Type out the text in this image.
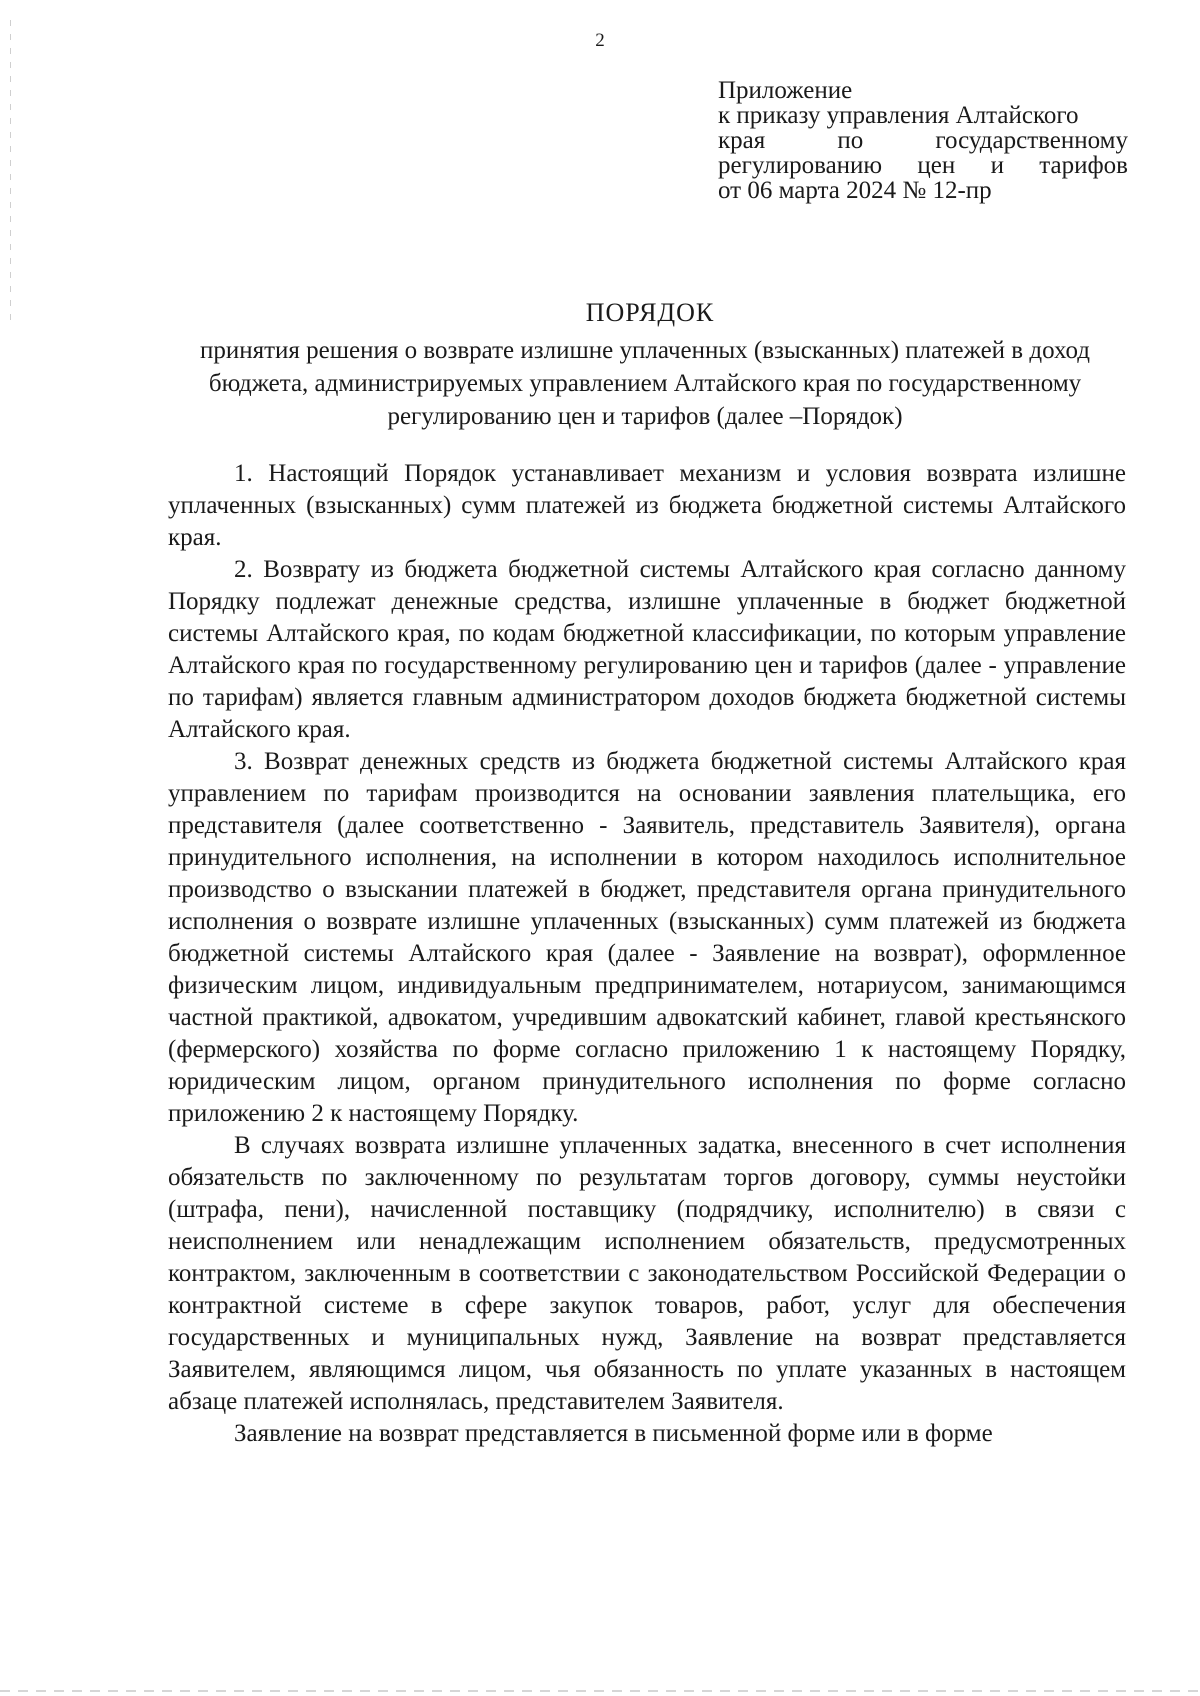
2
Приложение
к приказу управления Алтайского
края по государственному
регулированию цен и тарифов
от 06 марта 2024 № 12-пр
ПОРЯДОК
принятия решения о возврате излишне уплаченных (взысканных) платежей в доход бюджета, администрируемых управлением Алтайского края по государственному регулированию цен и тарифов (далее –Порядок)

1. Настоящий Порядок устанавливает механизм и условия возврата излишне уплаченных (взысканных) сумм платежей из бюджета бюджетной системы Алтайского края.

2. Возврату из бюджета бюджетной системы Алтайского края согласно данному Порядку подлежат денежные средства, излишне уплаченные в бюджет бюджетной системы Алтайского края, по кодам бюджетной классификации, по которым управление Алтайского края по государственному регулированию цен и тарифов (далее - управление по тарифам) является главным администратором доходов бюджета бюджетной системы Алтайского края.

3. Возврат денежных средств из бюджета бюджетной системы Алтайского края управлением по тарифам производится на основании заявления плательщика, его представителя (далее соответственно - Заявитель, представитель Заявителя), органа принудительного исполнения, на исполнении в котором находилось исполнительное производство о взыскании платежей в бюджет, представителя органа принудительного исполнения о возврате излишне уплаченных (взысканных) сумм платежей из бюджета бюджетной системы Алтайского края (далее - Заявление на возврат), оформленное физическим лицом, индивидуальным предпринимателем, нотариусом, занимающимся частной практикой, адвокатом, учредившим адвокатский кабинет, главой крестьянского (фермерского) хозяйства по форме согласно приложению 1 к настоящему Порядку, юридическим лицом, органом принудительного исполнения по форме согласно приложению 2 к настоящему Порядку.

В случаях возврата излишне уплаченных задатка, внесенного в счет исполнения обязательств по заключенному по результатам торгов договору, суммы неустойки (штрафа, пени), начисленной поставщику (подрядчику, исполнителю) в связи с неисполнением или ненадлежащим исполнением обязательств, предусмотренных контрактом, заключенным в соответствии с законодательством Российской Федерации о контрактной системе в сфере закупок товаров, работ, услуг для обеспечения государственных и муниципальных нужд, Заявление на возврат представляется Заявителем, являющимся лицом, чья обязанность по уплате указанных в настоящем абзаце платежей исполнялась, представителем Заявителя.

Заявление на возврат представляется в письменной форме или в форме
